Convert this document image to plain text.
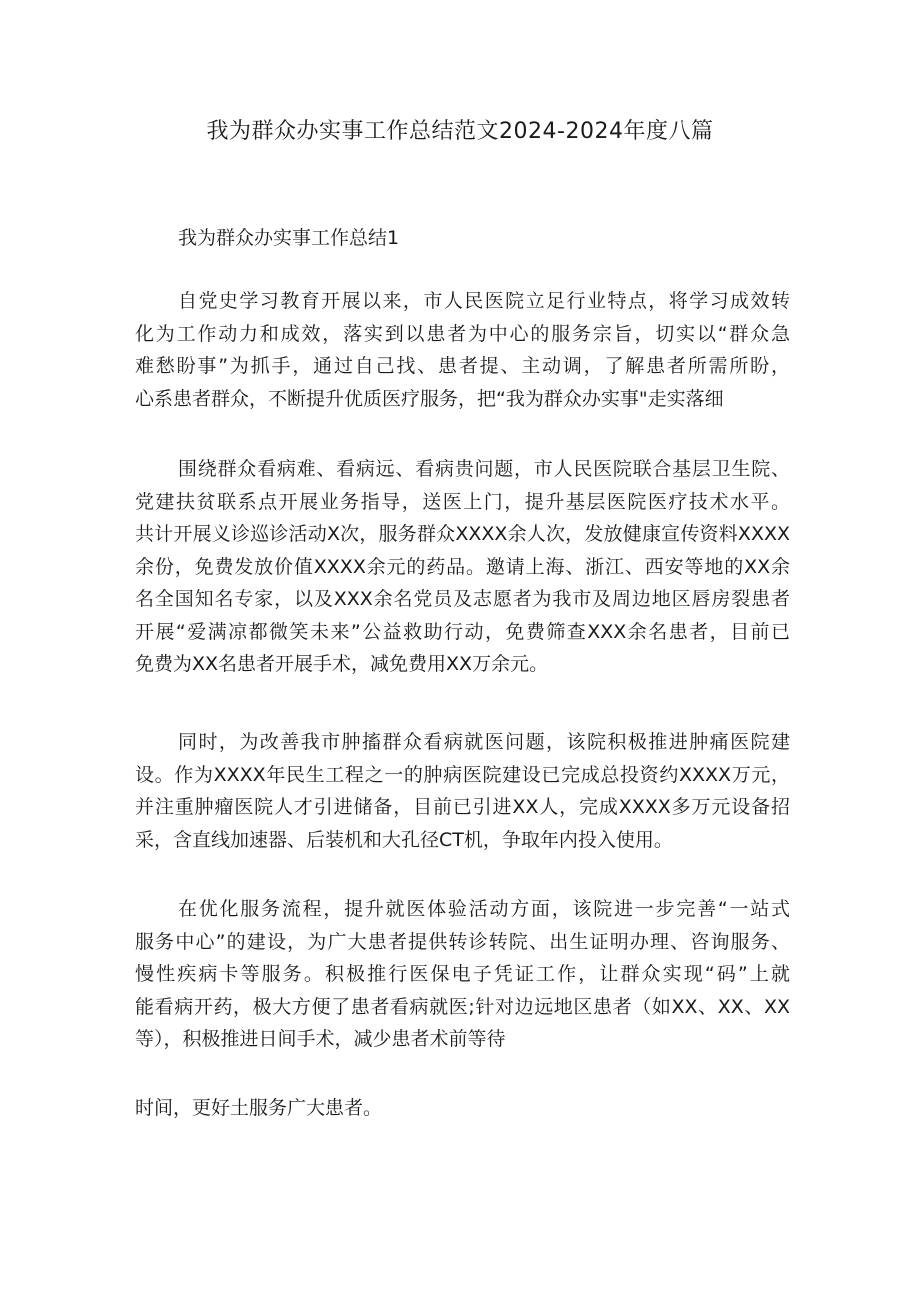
我为群众办实事工作总结范文2024-2024年度八篇
我为群众办实事工作总结1
自党史学习教育开展以来，市人民医院立足行业特点，将学习成效转
化为工作动力和成效，落实到以患者为中心的服务宗旨，切实以“群众急
难愁盼事”为抓手，通过自己找、患者提、主动调，了解患者所需所盼，
心系患者群众，不断提升优质医疗服务，把“我为群众办实事"走实落细
围绕群众看病难、看病远、看病贵问题，市人民医院联合基层卫生院、
党建扶贫联系点开展业务指导，送医上门，提升基层医院医疗技术水平。
共计开展义诊巡诊活动X次，服务群众XXXX余人次，发放健康宣传资料XXXX
余份，免费发放价值XXXX余元的药品。邀请上海、浙江、西安等地的XX余
名全国知名专家，以及XXX余名党员及志愿者为我市及周边地区唇房裂患者
开展“爱满凉都微笑未来”公益救助行动，免费筛查XXX余名患者，目前已
免费为XX名患者开展手术，减免费用XX万余元。
同时，为改善我市肿搐群众看病就医问题，该院积极推进肿痛医院建
设。作为XXXX年民生工程之一的肿病医院建设已完成总投资约XXXX万元，
并注重肿瘤医院人才引进储备，目前已引进XX人，完成XXXX多万元设备招
采，含直线加速器、后装机和大孔径CT机，争取年内投入使用。
在优化服务流程，提升就医体验活动方面，该院进一步完善“一站式
服务中心”的建设，为广大患者提供转诊转院、出生证明办理、咨询服务、
慢性疾病卡等服务。积极推行医保电子凭证工作，让群众实现“码”上就
能看病开药，极大方便了患者看病就医;针对边远地区患者（如XX、XX、XX
等），积极推进日间手术，减少患者术前等待
时间，更好土服务广大患者。
